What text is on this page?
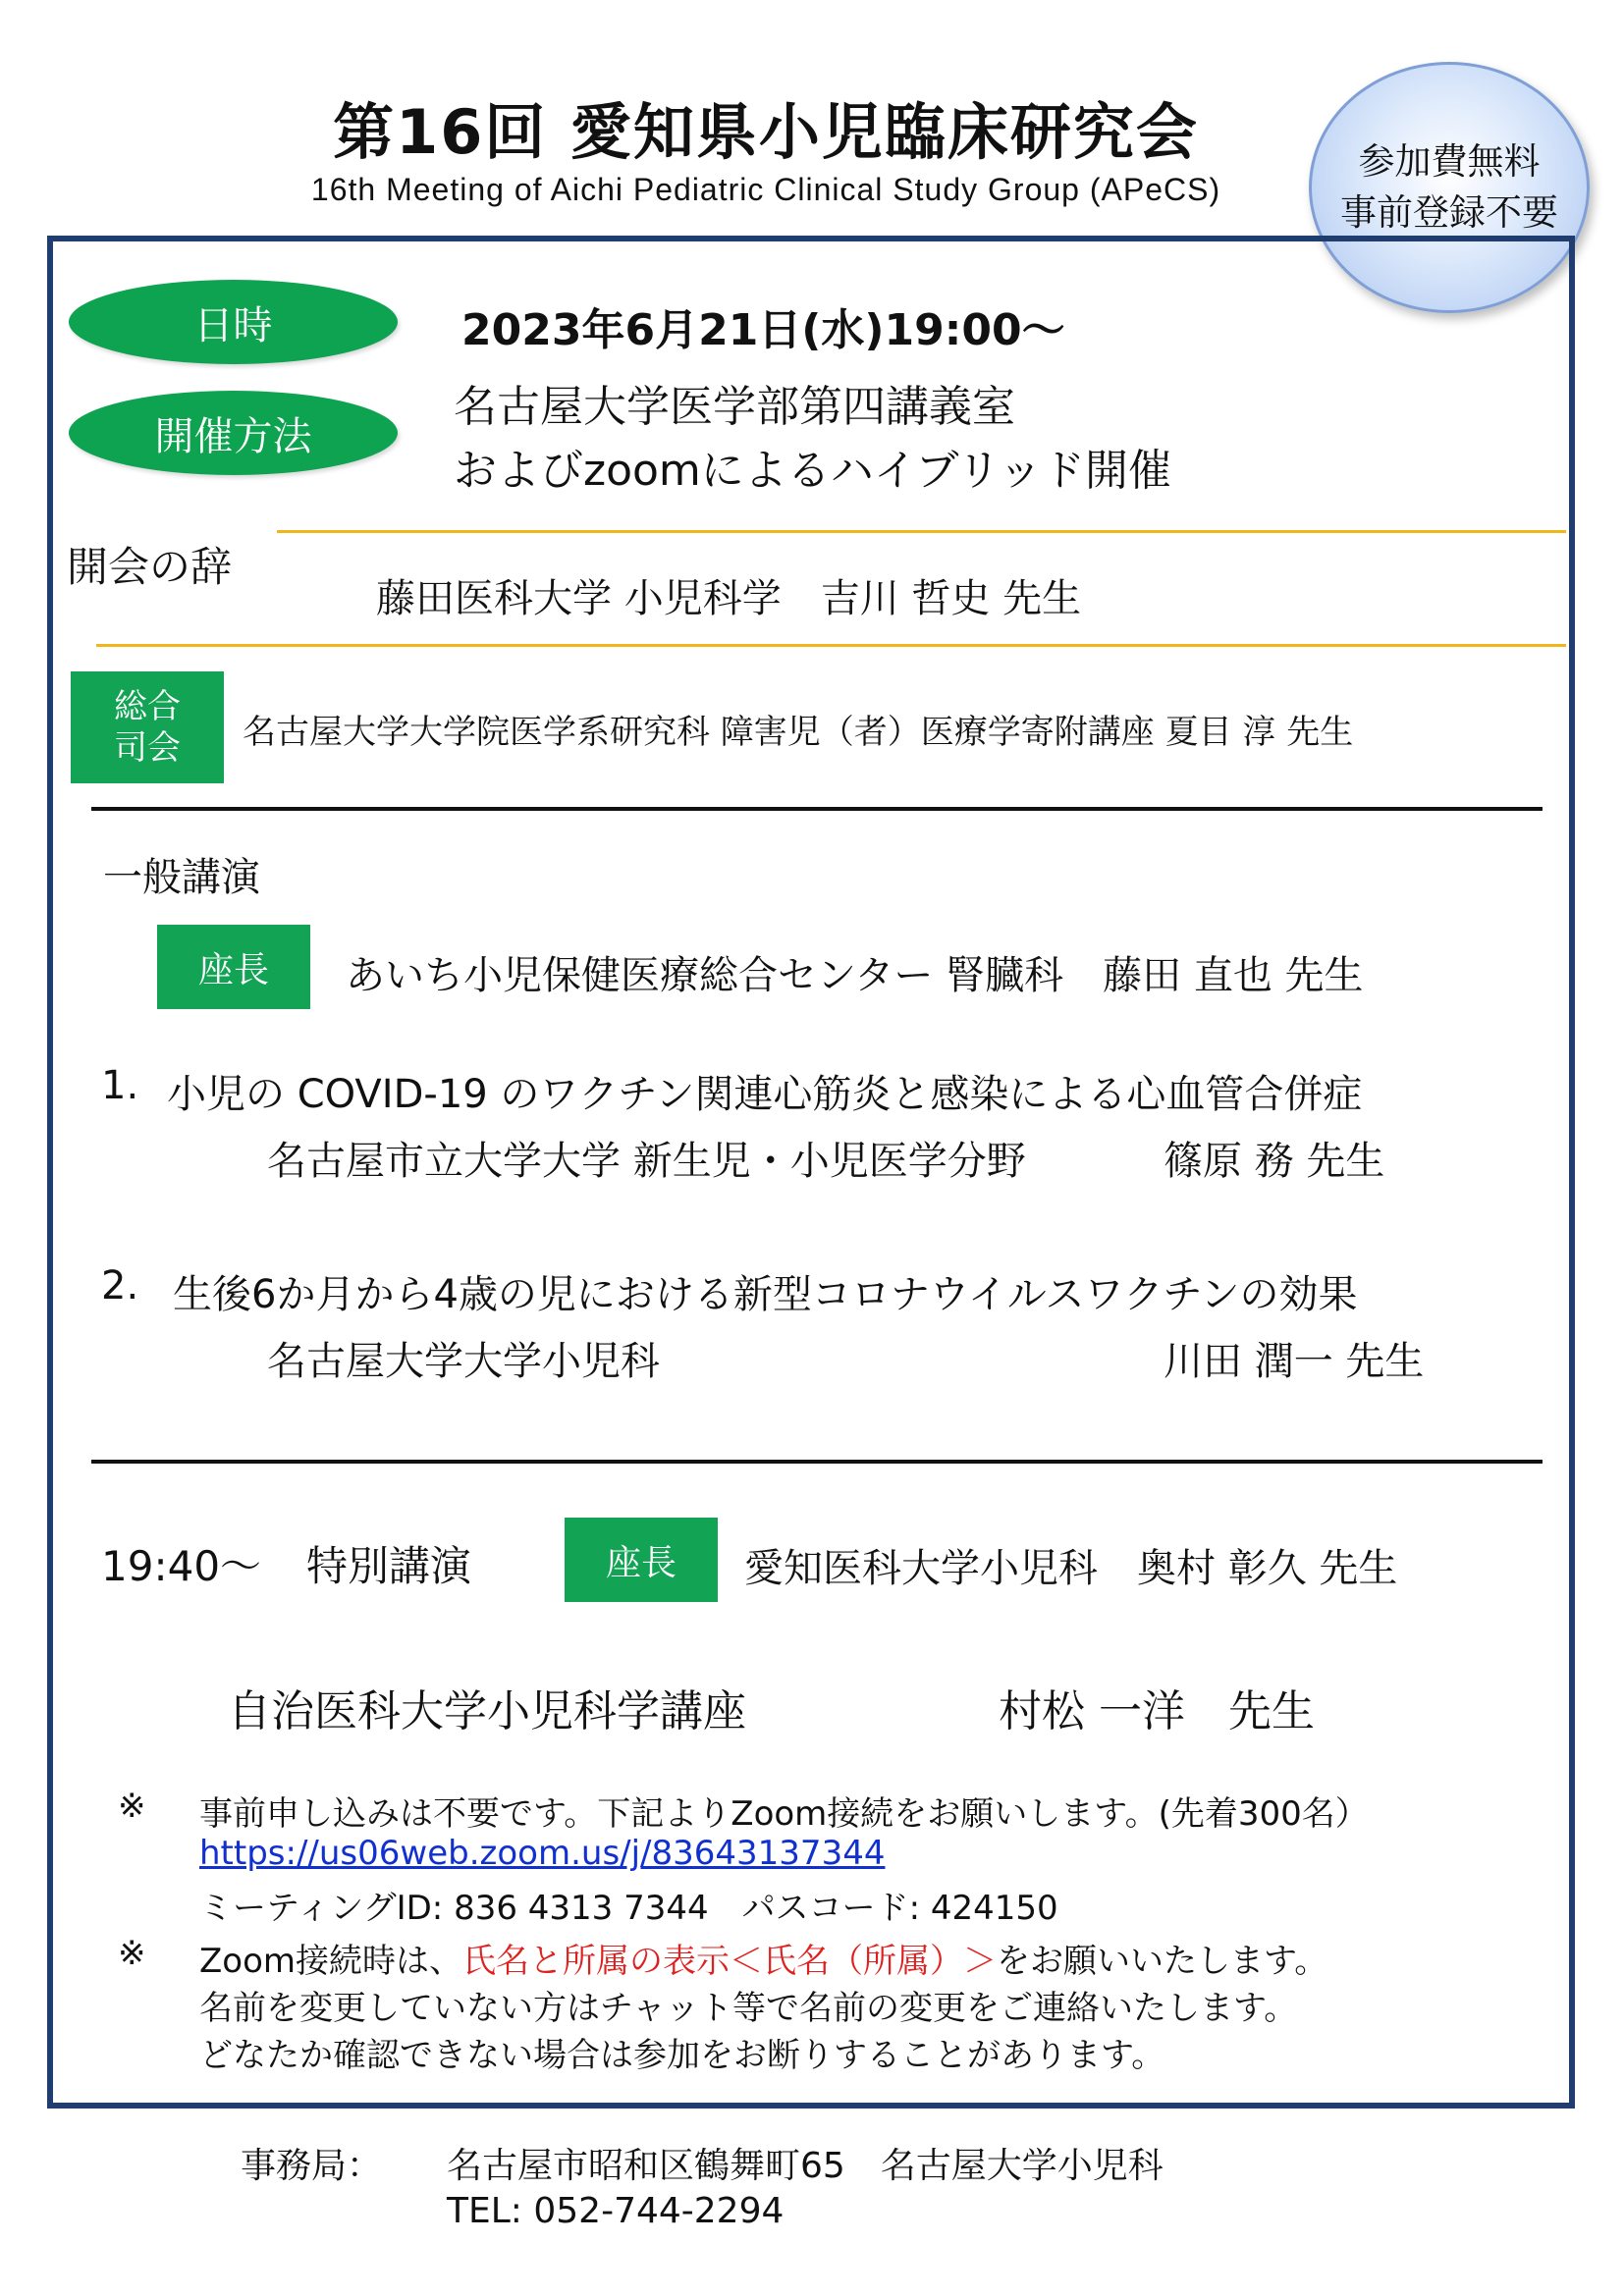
第16回 愛知県小児臨床研究会
16th Meeting of Aichi Pediatric Clinical Study Group (APeCS)
参加費無料
事前登録不要
日時	2023年6月21日(水)19:00～
開催方法
名古屋大学医学部第四講義室
およびzoomによるハイブリッド開催
開会の辞
藤田医科大学 小児科学　吉川 哲史 先生
総合
司会 名古屋大学大学院医学系研究科 障害児（者）医療学寄附講座 夏目 淳 先生
一般講演
座長 あいち小児保健医療総合センター 腎臓科　藤田 直也 先生
1. 小児の COVID-19 のワクチン関連心筋炎と感染による心血管合併症
名古屋市立大学大学 新生児・小児医学分野	篠原 務 先生
2. 生後6か月から4歳の児における新型コロナウイルスワクチンの効果
名古屋大学大学小児科	川田 潤一 先生
19:40～ 特別講演	座長 愛知医科大学小児科　奥村 彰久 先生
自治医科大学小児科学講座	村松 一洋　先生
※ 事前申し込みは不要です。下記よりZoom接続をお願いします。(先着300名）
https://us06web.zoom.us/j/83643137344
ミーティングID: 836 4313 7344　パスコード: 424150
※ Zoom接続時は、氏名と所属の表示＜氏名（所属）＞をお願いいたします。
名前を変更していない方はチャット等で名前の変更をご連絡いたします。
どなたか確認できない場合は参加をお断りすることがあります。
事務局： 名古屋市昭和区鶴舞町65　名古屋大学小児科
TEL: 052-744-2294
